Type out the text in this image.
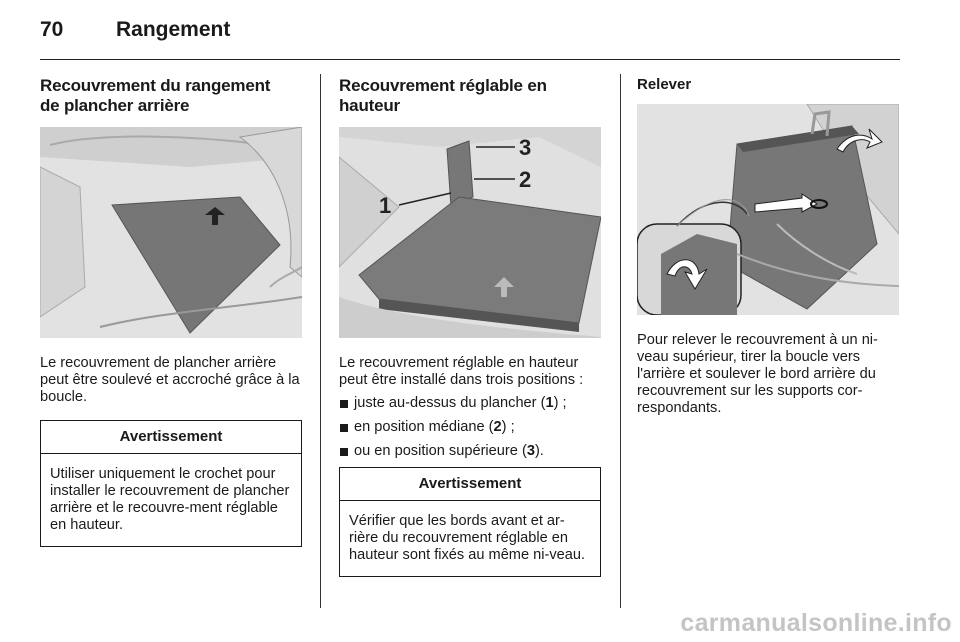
70	Rangement
Recouvrement du rangement
de plancher arrière

Le recouvrement de plancher arrière peut être soulevé et accroché grâce à la boucle.

Avertissement
Utiliser uniquement le crochet pour installer le recouvrement de plancher arrière et le recouvre-ment réglable en hauteur.
Recouvrement réglable en
hauteur
3
2
1

Le recouvrement réglable en hauteur peut être installé dans trois positions :

juste au-dessus du plancher (1) ;
en position médiane (2) ;
ou en position supérieure (3).
Avertissement
Vérifier que les bords avant et ar-rière du recouvrement réglable en hauteur sont fixés au même ni-veau.
Relever

Pour relever le recouvrement à un ni-veau supérieur, tirer la boucle vers l'arrière et soulever le bord arrière du recouvrement sur les supports cor-respondants.

carmanualsonline.info
